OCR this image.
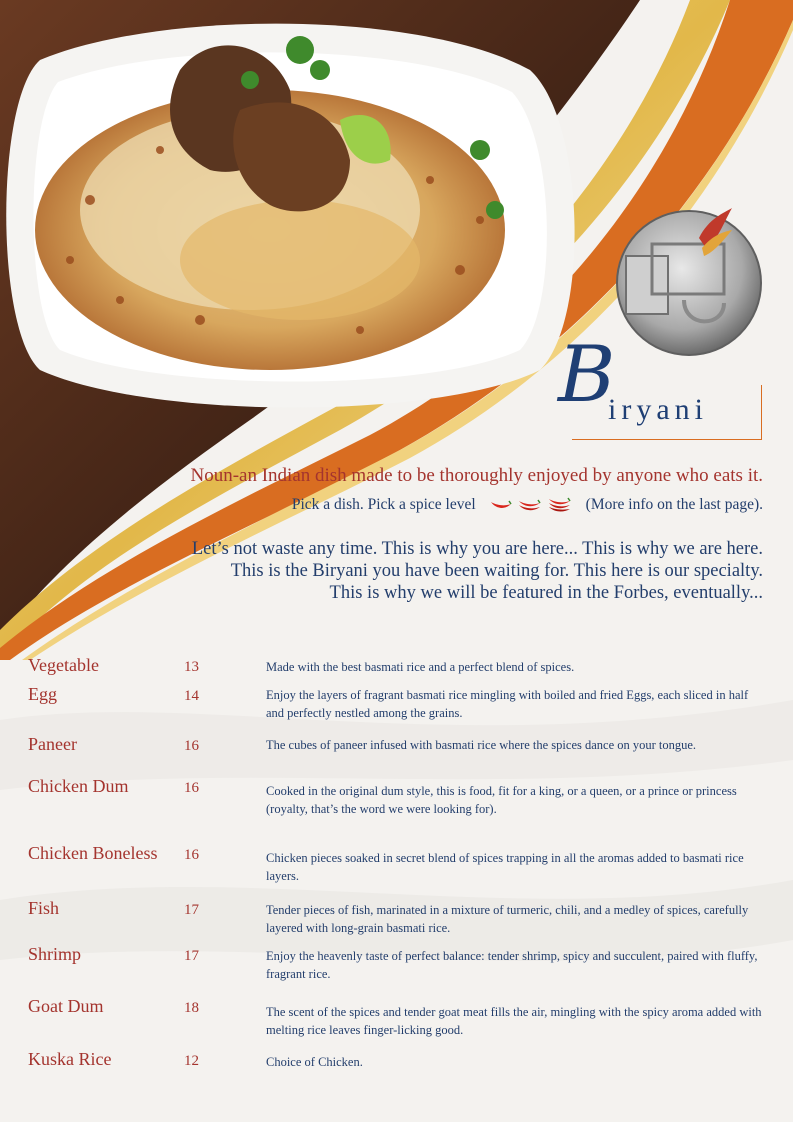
B
iryani
Noun-an Indian dish made to be thoroughly enjoyed by anyone who eats it.
Pick a dish. Pick a spice level	(More info on the last page).
Let’s not waste any time. This is why you are here... This is why we are here.
This is the Biryani you have been waiting for. This here is our specialty.
This is why we will be featured in the Forbes, eventually...
Vegetable	13	Made with the best basmati rice and a perfect blend of spices.
Egg	14	Enjoy the layers of fragrant basmati rice mingling with boiled and fried Eggs, each sliced in half and perfectly nestled among the grains.
Paneer	16	The cubes of paneer infused with basmati rice where the spices dance on your tongue.
Chicken Dum	16	Cooked in the original dum style, this is food, fit for a king, or a queen, or a prince or princess (royalty, that’s the word we were looking for).
Chicken Boneless 16	Chicken pieces soaked in secret blend of spices trapping in all the aromas added to basmati rice layers.
Fish	17	Tender pieces of fish, marinated in a mixture of turmeric, chili, and a medley of spices, carefully layered with long-grain basmati rice.
Shrimp	17	Enjoy the heavenly taste of perfect balance: tender shrimp, spicy and succulent, paired with fluffy, fragrant rice.
Goat Dum	18	The scent of the spices and tender goat meat fills the air, mingling with the spicy aroma added with melting rice leaves finger-licking good.
Kuska Rice	12	Choice of Chicken.
